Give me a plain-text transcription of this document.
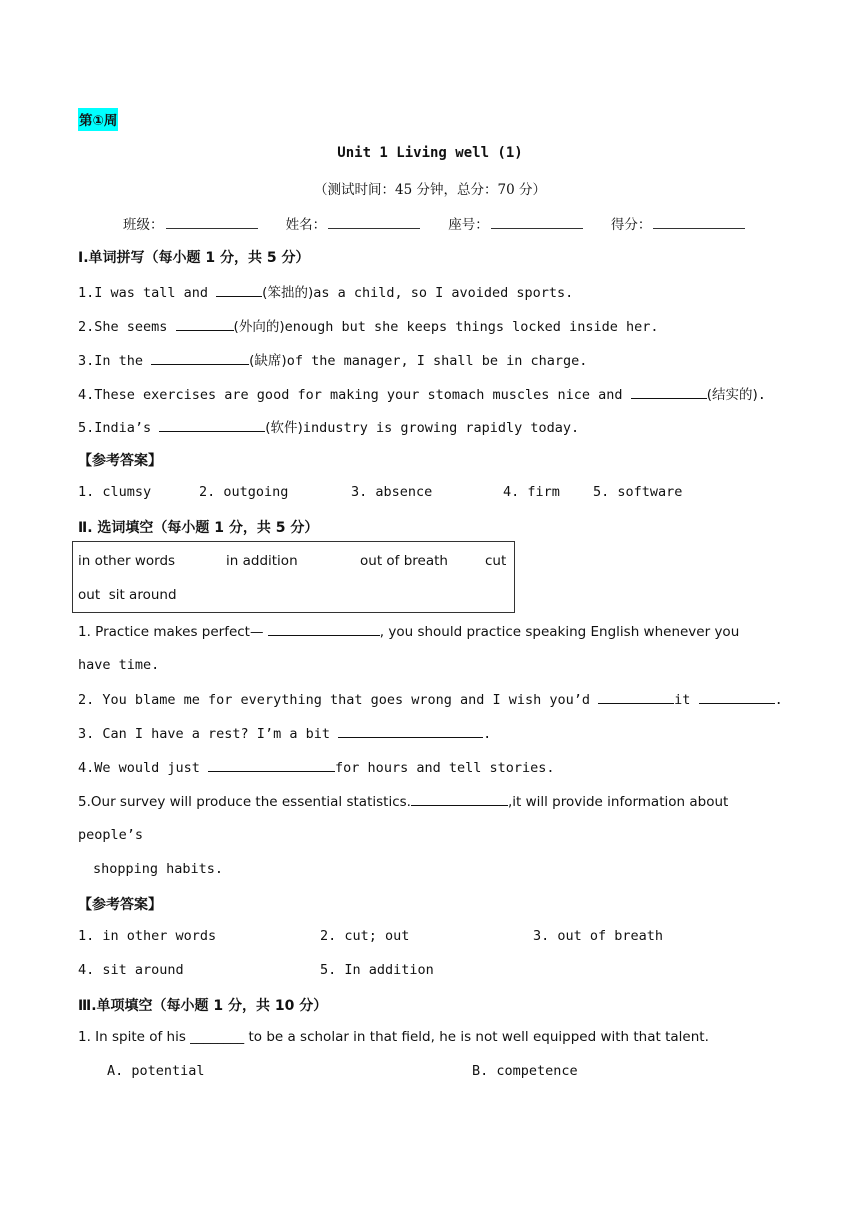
第①周
Unit 1 Living well (1)
（测试时间：45 分钟，总分：70 分）
班级：	姓名：	座号：	得分：
Ⅰ.单词拼写（每小题 1 分，共 5 分）
1.I was tall and	(笨拙的)as a child, so I avoided sports.
2.She seems	(外向的)enough but she keeps things locked inside her.
3.In the	(缺席)of the manager, I shall be in charge.
4.These exercises are good for making your stomach muscles nice and	(结实的).
5.India’s	(软件)industry is growing rapidly today.
【参考答案】
1. clumsy	2. outgoing	3. absence	4. firm 5. software
Ⅱ. 选词填空（每小题 1 分，共 5 分）
in other words	in addition	out of breath	cut
out  sit around
1. Practice makes perfect—	, you should practice speaking English whenever you
have time.
2. You blame me for everything that goes wrong and I wish you’d	it	.
3. Can I have a rest? I’m a bit	.
4.We would just	for hours and tell stories.
5.Our survey will produce the essential statistics.	,it will provide information about
people’s
shopping habits.
【参考答案】
1. in other words	2. cut; out	3. out of breath
4. sit around	5. In addition
Ⅲ.单项填空（每小题 1 分，共 10 分）
1. In spite of his ________ to be a scholar in that field, he is not well equipped with that talent.
A. potential	B. competence
